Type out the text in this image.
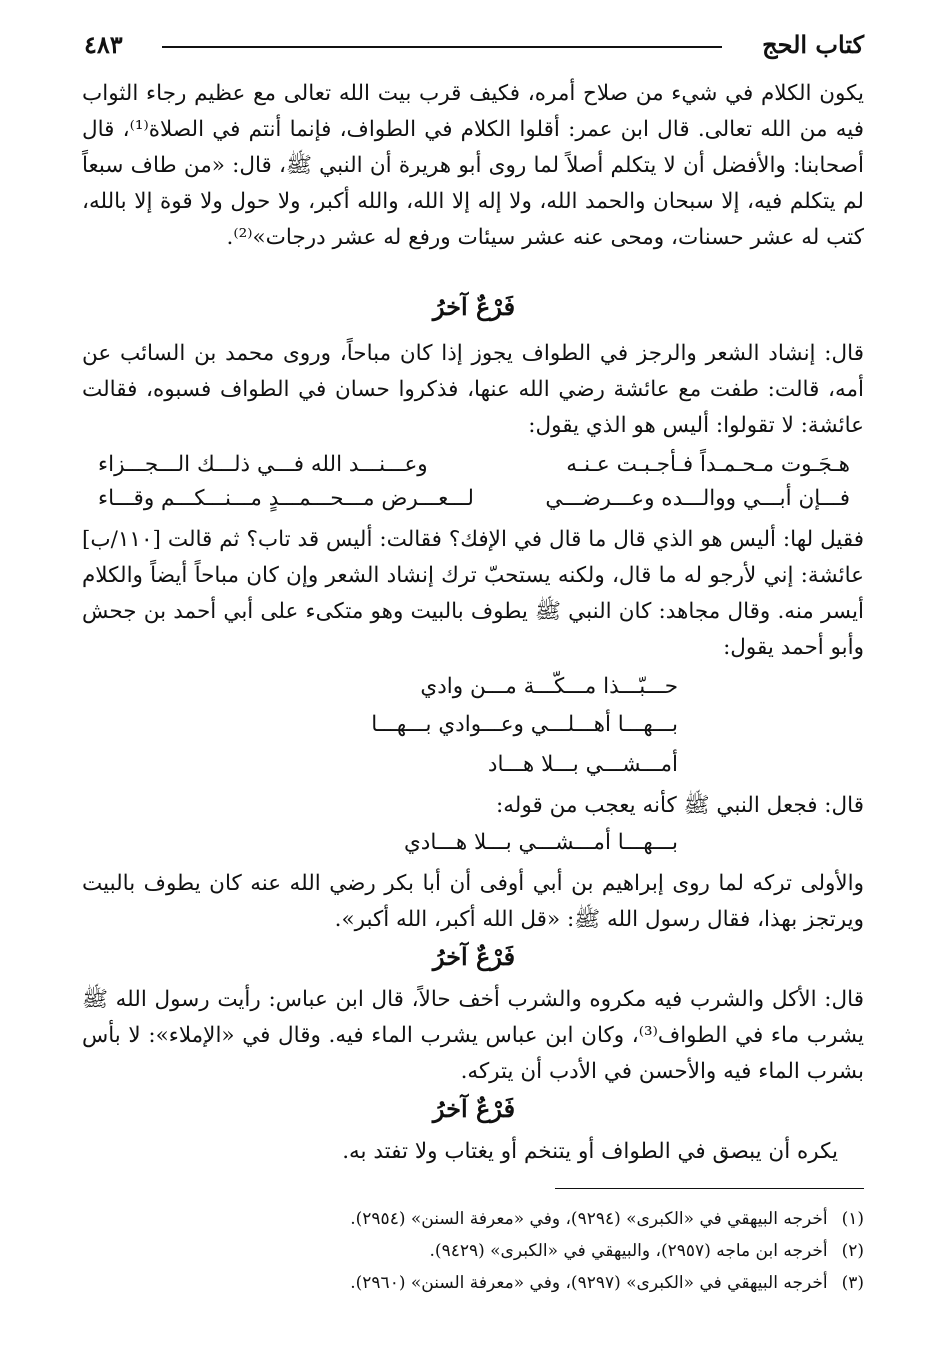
كتاب الحج
٤٨٣

يكون الكلام في شيء من صلاح أمره، فكيف قرب بيت الله تعالى مع عظيم رجاء الثواب فيه من الله تعالى. قال ابن عمر: أقلوا الكلام في الطواف، فإنما أنتم في الصلاة⁽¹⁾، قال أصحابنا: والأفضل أن لا يتكلم أصلاً لما روى أبو هريرة أن النبي ﷺ، قال: «من طاف سبعاً لم يتكلم فيه، إلا سبحان والحمد الله، ولا إله إلا الله، والله أكبر، ولا حول ولا قوة إلا بالله، كتب له عشر حسنات، ومحى عنه عشر سيئات ورفع له عشر درجات»⁽²⁾.

فَرْعٌ آخرُ

قال: إنشاد الشعر والرجز في الطواف يجوز إذا كان مباحاً، وروى محمد بن السائب عن أمه، قالت: طفت مع عائشة رضي الله عنها، فذكروا حسان في الطواف فسبوه، فقالت عائشة: لا تقولوا: أليس هو الذي يقول:

هـجَـوت مـحـمـداً فـأجـبـت عـنـه
وعـــنـــد الله فـــي ذلـــك الـــجـــزاء
فـــإن أبـــي ووالـــده وعـــرضـــي
لـــعـــرض مـــحـــمـــدٍ مـــنـــكـــم وقـــاء

فقيل لها: أليس هو الذي قال ما قال في الإفك؟ فقالت: أليس قد تاب؟ ثم قالت [١١٠/ب] عائشة: إني لأرجو له ما قال، ولكنه يستحبّ ترك إنشاد الشعر وإن كان مباحاً أيضاً والكلام أيسر منه. وقال مجاهد: كان النبي ﷺ يطوف بالبيت وهو متكىء على أبي أحمد بن جحش وأبو أحمد يقول:

حـــبّـــذا مـــكّـــة مـــن وادي
بـــهـــا أهـــلـــي وعـــوادي بـــهـــا
أمـــشـــي بـــلا هـــاد

قال: فجعل النبي ﷺ كأنه يعجب من قوله:

بـــهـــا أمـــشـــي بـــلا هـــادي

والأولى تركه لما روى إبراهيم بن أبي أوفى أن أبا بكر رضي الله عنه كان يطوف بالبيت ويرتجز بهذا، فقال رسول الله ﷺ: «قل الله أكبر، الله أكبر».

فَرْعٌ آخرُ

قال: الأكل والشرب فيه مكروه والشرب أخف حالاً، قال ابن عباس: رأيت رسول الله ﷺ يشرب ماء في الطواف⁽³⁾، وكان ابن عباس يشرب الماء فيه. وقال في «الإملاء»: لا بأس بشرب الماء فيه والأحسن في الأدب أن يتركه.

فَرْعٌ آخرُ

يكره أن يبصق في الطواف أو يتنخم أو يغتاب ولا تفتد به.

(١)أخرجه البيهقي في «الكبرى» (٩٢٩٤)، وفي «معرفة السنن» (٢٩٥٤).
(٢)أخرجه ابن ماجه (٢٩٥٧)، والبيهقي في «الكبرى» (٩٤٢٩).
(٣)أخرجه البيهقي في «الكبرى» (٩٢٩٧)، وفي «معرفة السنن» (٢٩٦٠).
